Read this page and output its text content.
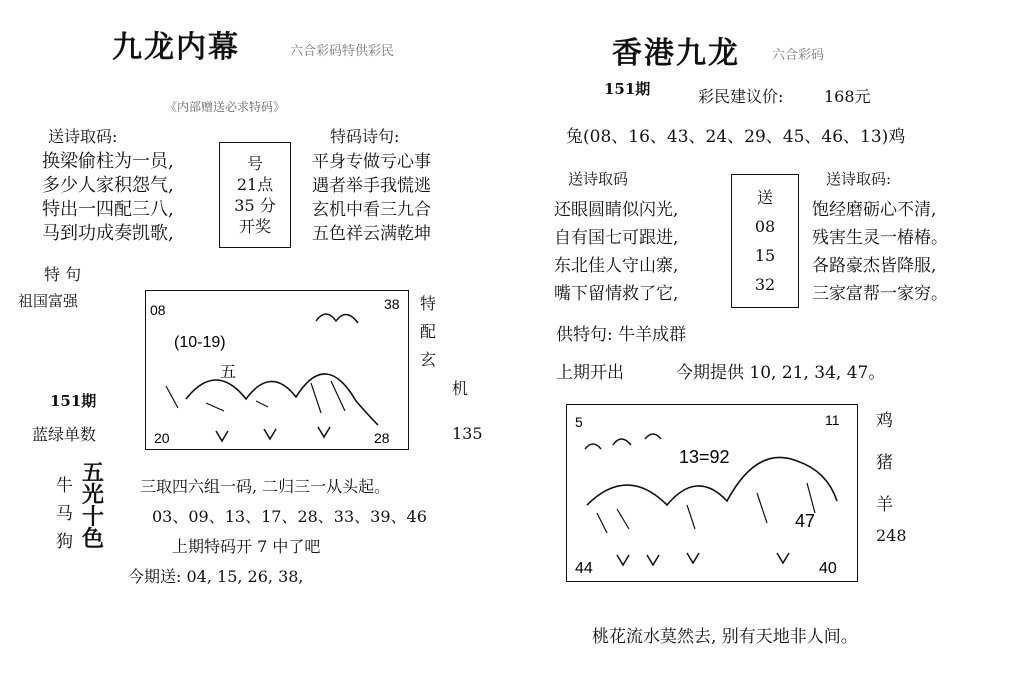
九龙内幕	六合彩码特供彩民
《内部赠送必求特码》
送诗取码:	特码诗句:
换梁偷柱为一员,
多少人家积怨气,
特出一四配三八,
马到功成奏凯歌,
号
21点
35 分
开奖
平身专做亏心事
遇者举手我慌逃
玄机中看三九合
五色祥云满乾坤
特 句
祖国富强
151期
蓝绿单数
08	38
(10-19)
五
20	28
特
配
玄
机
135
牛
马
狗
五
光
十
色
三取四六组一码, 二归三一从头起。
03、09、13、17、28、33、39、46
上期特码开 7 中了吧
今期送: 04, 15, 26, 38,
香港九龙 六合彩码
151期	彩民建议价:	168元
兔(08、16、43、24、29、45、46、13)鸡
送诗取码	送诗取码:
还眼圆睛似闪光,
自有国七可跟进,
东北佳人守山寨,
嘴下留情救了它,
送
08
15
32
饱经磨砺心不清,
残害生灵一椿椿。
各路豪杰皆降服,
三家富帮一家穷。
供特句: 牛羊成群
上期开出	今期提供 10, 21, 34, 47。
5	11
13=92
47
44	40
鸡
猪
羊
248
桃花流水莫然去, 别有天地非人间。
